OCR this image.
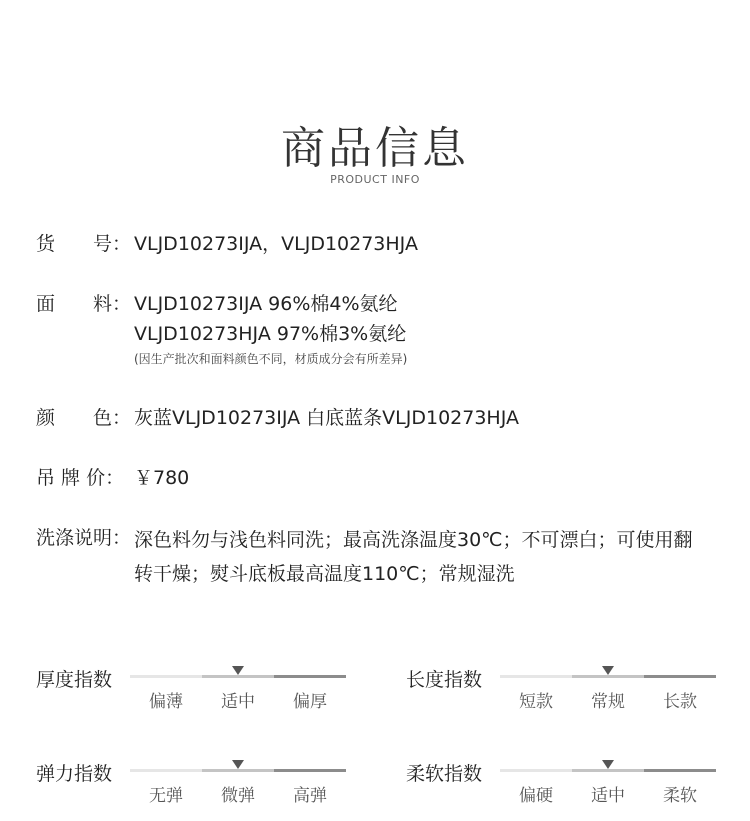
商品信息
PRODUCT INFO
货　　号： VLJD10273IJA，VLJD10273HJA
面　　料： VLJD10273IJA 96%棉4%氨纶
VLJD10273HJA 97%棉3%氨纶
(因生产批次和面料颜色不同，材质成分会有所差异)
颜　　色： 灰蓝VLJD10273IJA 白底蓝条VLJD10273HJA
吊 牌 价： ￥780
洗涤说明： 深色料勿与浅色料同洗；最高洗涤温度30℃；不可漂白；可使用翻
转干燥；熨斗底板最高温度110℃；常规湿洗
厚度指数
偏薄	适中	偏厚
长度指数
短款	常规	长款
弹力指数
无弹	微弹	高弹
柔软指数
偏硬	适中	柔软
